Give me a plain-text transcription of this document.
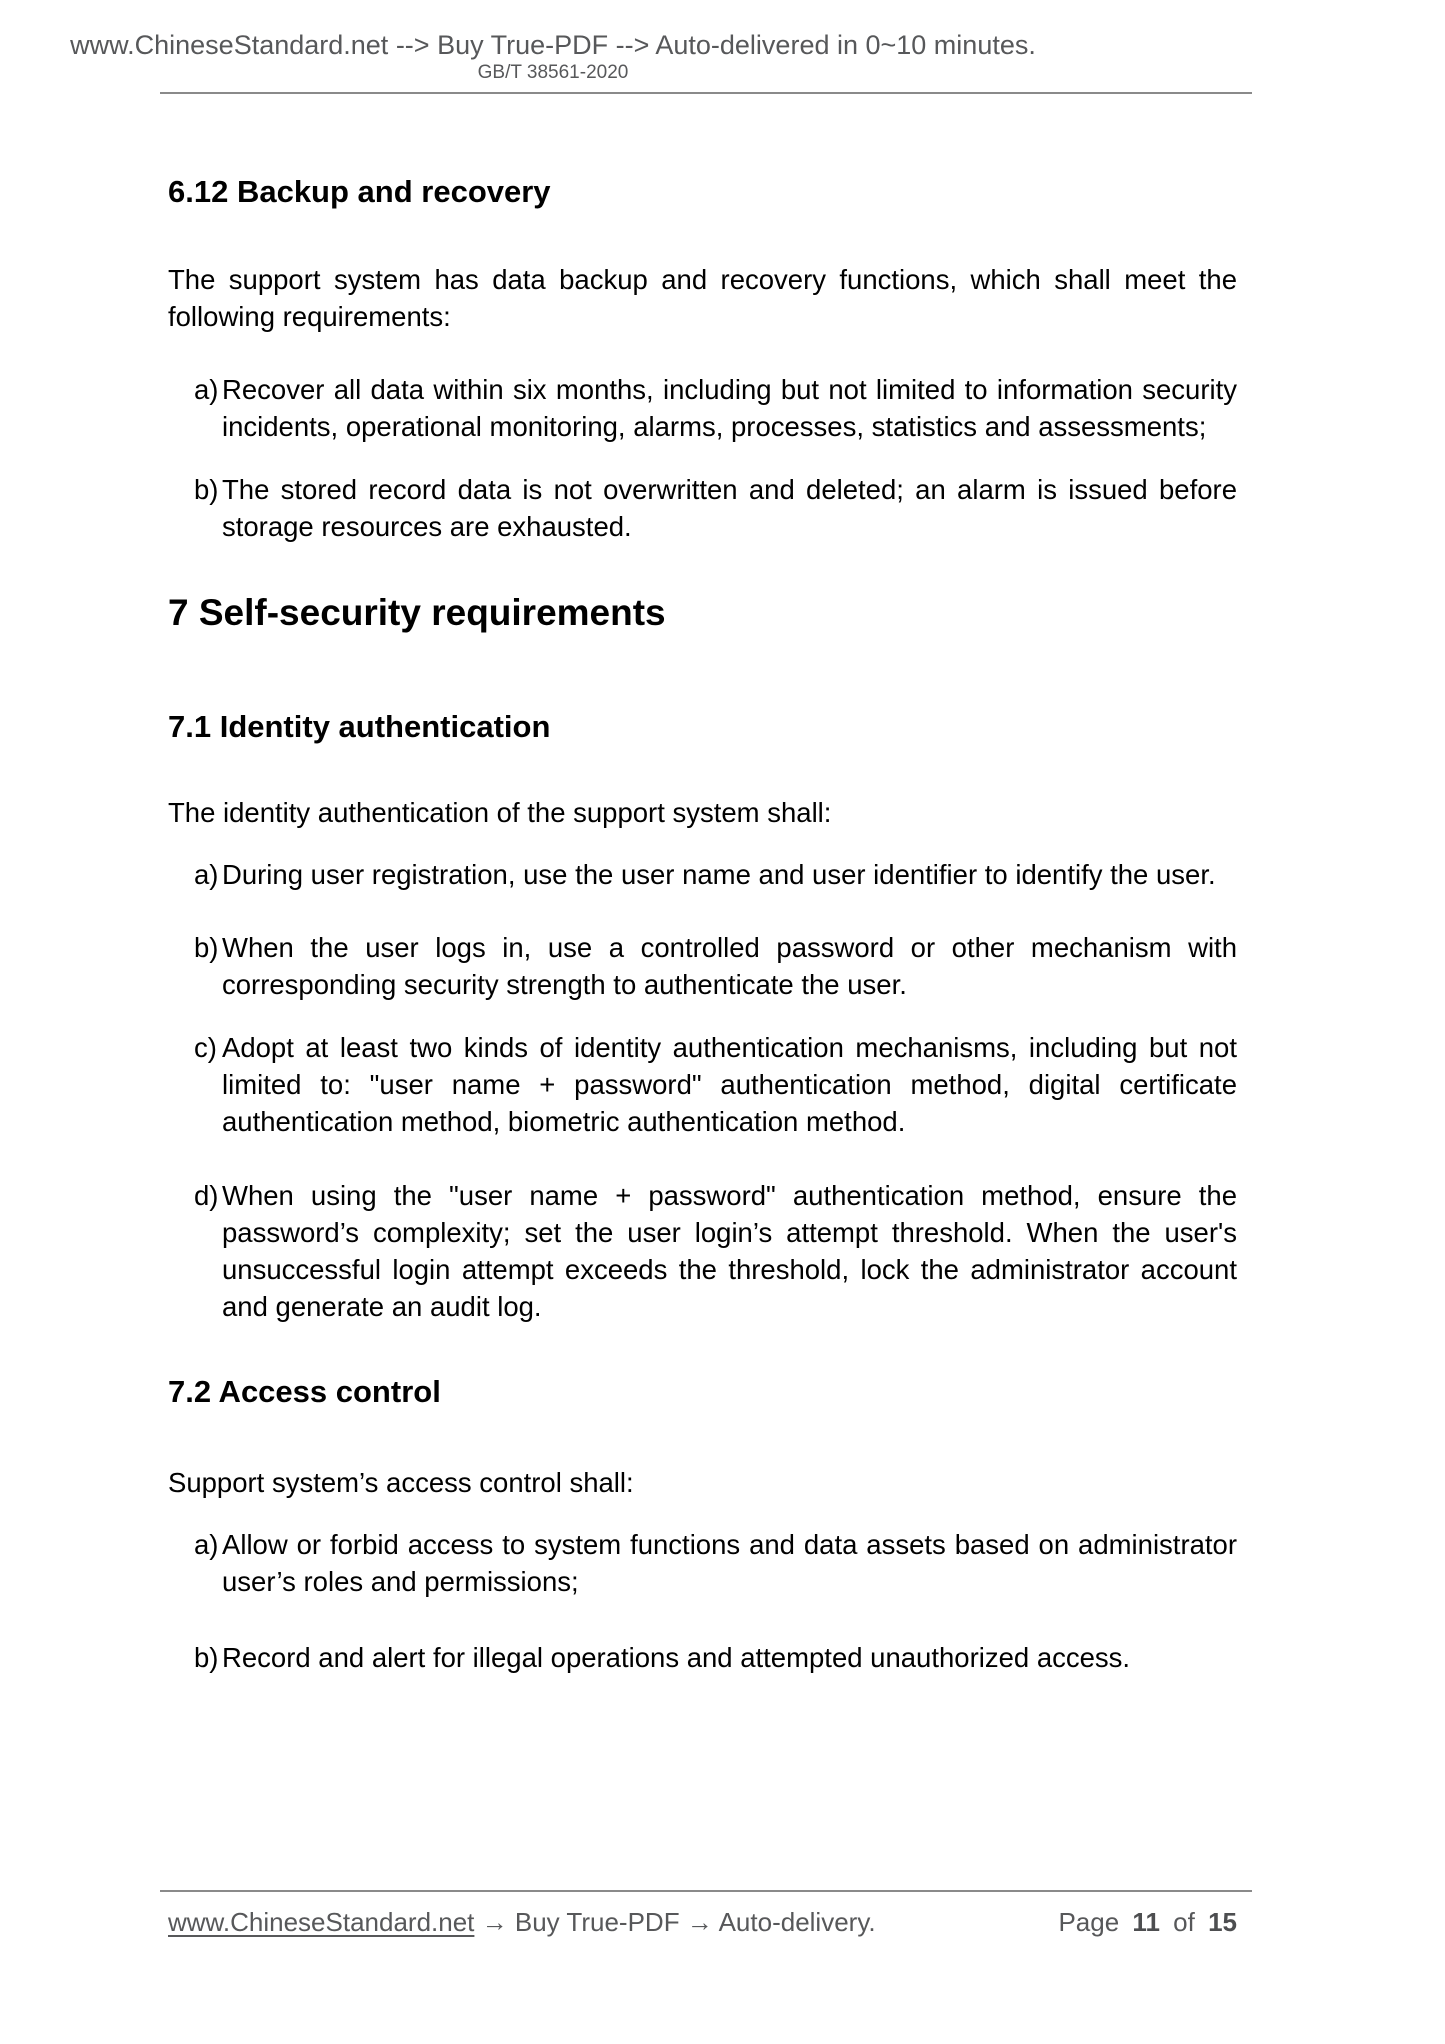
www.ChineseStandard.net --> Buy True-PDF --> Auto-delivered in 0~10 minutes.
GB/T 38561-2020
6.12 Backup and recovery

The support system has data backup and recovery functions, which shall meet the following requirements:

a) Recover all data within six months, including but not limited to information security incidents, operational monitoring, alarms, processes, statistics and assessments;
b) The stored record data is not overwritten and deleted; an alarm is issued before storage resources are exhausted.
7 Self-security requirements
7.1 Identity authentication

The identity authentication of the support system shall:

a) During user registration, use the user name and user identifier to identify the user.
b) When the user logs in, use a controlled password or other mechanism with corresponding security strength to authenticate the user.
c) Adopt at least two kinds of identity authentication mechanisms, including but not limited to: "user name + password" authentication method, digital certificate authentication method, biometric authentication method.
d) When using the "user name + password" authentication method, ensure the password’s complexity; set the user login’s attempt threshold. When the user's unsuccessful login attempt exceeds the threshold, lock the administrator account and generate an audit log.
7.2 Access control

Support system’s access control shall:

a) Allow or forbid access to system functions and data assets based on administrator user’s roles and permissions;
b) Record and alert for illegal operations and attempted unauthorized access.
www.ChineseStandard.net → Buy True-PDF → Auto-delivery.	Page 11 of 15
